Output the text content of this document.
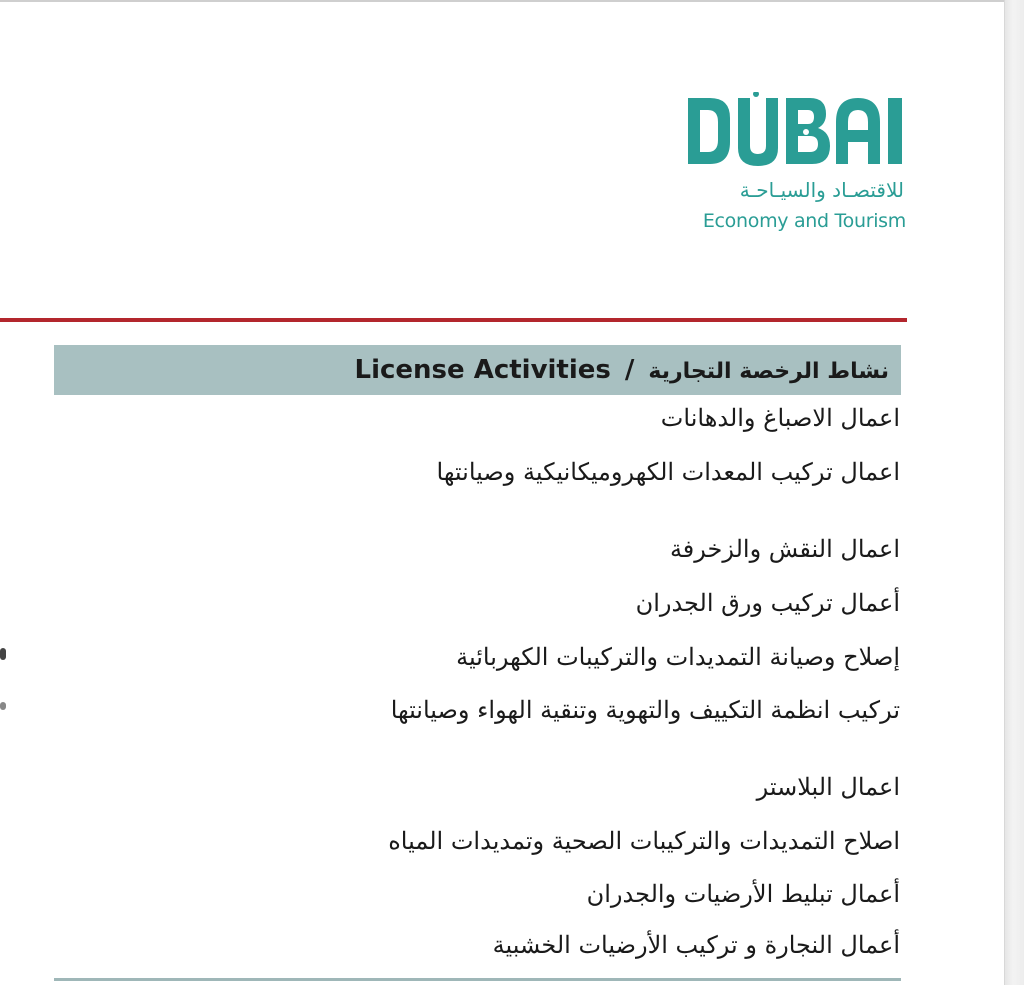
للاقتصـاد والسيـاحـة
Economy and Tourism
License Activities / نشاط الرخصة التجارية
اعمال الاصباغ والدهانات
اعمال تركيب المعدات الكهروميكانيكية وصيانتها
اعمال النقش والزخرفة
أعمال تركيب ورق الجدران
إصلاح وصيانة التمديدات والتركيبات الكهربائية
تركيب انظمة التكييف والتهوية وتنقية الهواء وصيانتها
اعمال البلاستر
اصلاح التمديدات والتركيبات الصحية وتمديدات المياه
أعمال تبليط الأرضيات والجدران
أعمال النجارة و تركيب الأرضيات الخشبية
